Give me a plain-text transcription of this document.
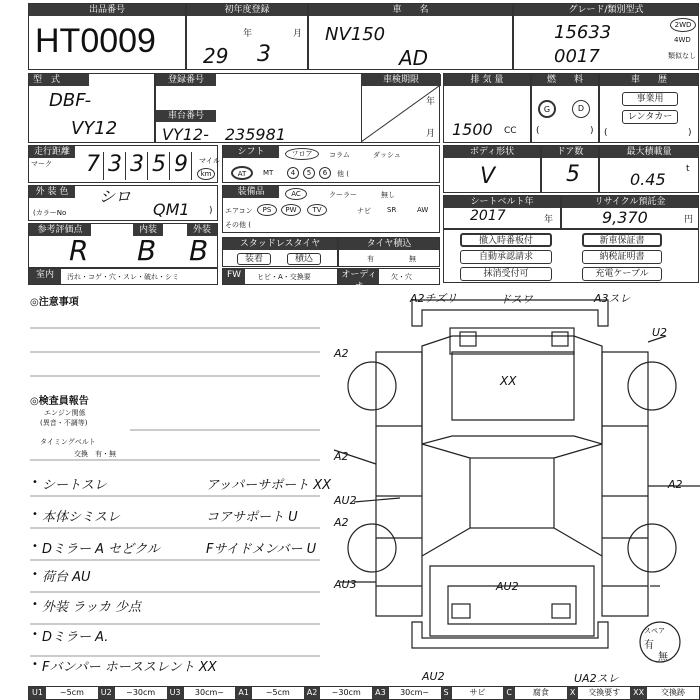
出品番号
HT0009
初年度登録
年	月
29 3
車　　名
NV150
AD
グレード/類別型式
15633
0017
2WD
4WD
類似なし
型　式
DBF-
VY12
登録番号	車検期限
年
月
車台番号
VY12-　235981
排 気 量
1500 CC
燃　　料
G	D
(	)
車　　歴
事業用
レンタカー
(	)
走行距離
マーク 7 3 3 5 9	マイル
km
シフト	フロア	コラム	ダッシュ
AT	MT	4	5	6	他 (
ボディ形状
V
ドア数
5
最大積載量
0.45
t
外 装 色	シロ
(カラーNo	QM1 )
装備品	AC	クーラー	無し
エアコン	PS	PW	TV	ナビ SR	AW
その他 (
シートベルト年
2017	年
リサイクル預託金
9,370	円
参考評価点	内装	外装
R B B	スタッドレスタイヤ
装着	積込
タイヤ積込
有	無
撤入時番板付	新車保証書
自動承認請求	納税証明書
抹消受付可	充電ケーブル
室内	汚れ・コゲ・穴・スレ・破れ・シミ	FW	ヒビ・A・交換要	オーディオ
欠・穴
◎注意事項
◎検査員報告
エンジン関係
(異音・不調等)
タイミングベルト
交換　有・無
• シートスレ
• 本体シミスレ
• Dミラー A セどクル
• 荷台 AU
• 外装 ラッカ 少点
• Dミラー A.
• Fバンパー ホーススレント XX
アッパーサポート XX
コアサポート U
Fサイドメンバー U
A2チズリ	ドスワ	A3スレ
U2
A2
XX
A2
A2
AU2
A2
AU3	AU2
AU2	UA2スレ
スペア
有
無
U1	~5cm	U2	~30cm	U3	30cm~	A1	~5cm	A2	~30cm	A3	30cm~	S	サビ	C	腐食	X	交換要す	XX	交換跡
